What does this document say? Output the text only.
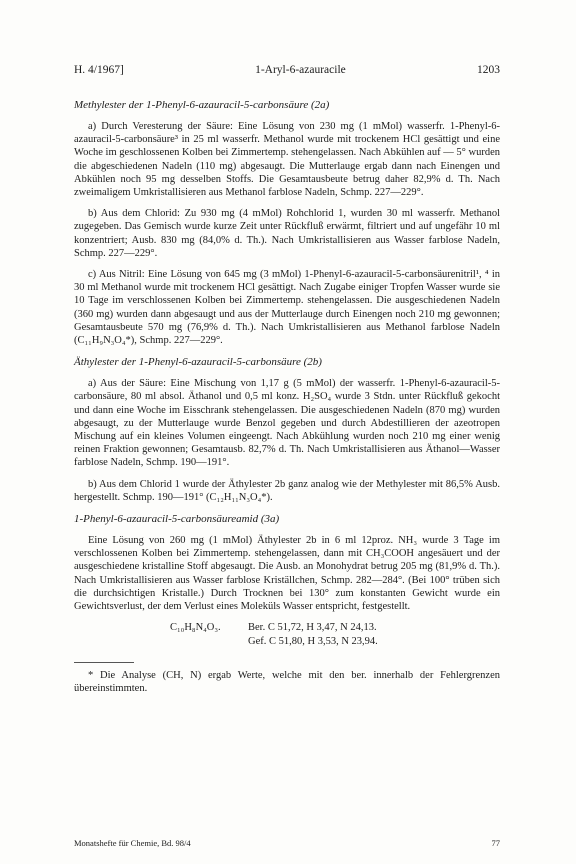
H. 4/1967]	1-Aryl-6-azauracile	1203
Methylester der 1-Phenyl-6-azauracil-5-carbonsäure (2a)

a) Durch Veresterung der Säure: Eine Lösung von 230 mg (1 mMol) wasserfr. 1-Phenyl-6-azauracil-5-carbonsäure³ in 25 ml wasserfr. Methanol wurde mit trockenem HCl gesättigt und eine Woche im geschlossenen Kolben bei Zimmertemp. stehengelassen. Nach Abkühlen auf — 5° wurden die abgeschiedenen Nadeln (110 mg) abgesaugt. Die Mutterlauge ergab dann nach Einengen und Abkühlen noch 95 mg desselben Stoffs. Die Gesamtausbeute betrug daher 82,9% d. Th. Nach zweimaligem Umkristallisieren aus Methanol farblose Nadeln, Schmp. 227—229°.

b) Aus dem Chlorid: Zu 930 mg (4 mMol) Rohchlorid 1, wurden 30 ml wasserfr. Methanol zugegeben. Das Gemisch wurde kurze Zeit unter Rückfluß erwärmt, filtriert und auf ungefähr 10 ml konzentriert; Ausb. 830 mg (84,0% d. Th.). Nach Umkristallisieren aus Wasser farblose Nadeln, Schmp. 227—229°.

c) Aus Nitril: Eine Lösung von 645 mg (3 mMol) 1-Phenyl-6-azauracil-5-carbonsäurenitril¹, ⁴ in 30 ml Methanol wurde mit trockenem HCl gesättigt. Nach Zugabe einiger Tropfen Wasser wurde sie 10 Tage im verschlossenen Kolben bei Zimmertemp. stehengelassen. Die ausgeschiedenen Nadeln (360 mg) wurden dann abgesaugt und aus der Mutterlauge durch Einengen noch 210 mg gewonnen; Gesamtausbeute 570 mg (76,9% d. Th.). Nach Umkristallisieren aus Methanol farblose Nadeln (C₁₁H₉N₃O₄*), Schmp. 227—229°.

Äthylester der 1-Phenyl-6-azauracil-5-carbonsäure (2b)

a) Aus der Säure: Eine Mischung von 1,17 g (5 mMol) der wasserfr. 1-Phenyl-6-azauracil-5-carbonsäure, 80 ml absol. Äthanol und 0,5 ml konz. H₂SO₄ wurde 3 Stdn. unter Rückfluß gekocht und dann eine Woche im Eisschrank stehengelassen. Die ausgeschiedenen Nadeln (870 mg) wurden abgesaugt, zu der Mutterlauge wurde Benzol gegeben und durch Abdestillieren der azeotropen Mischung auf ein kleines Volumen eingeengt. Nach Abkühlung wurden noch 210 mg einer wenig reinen Fraktion gewonnen; Gesamtausb. 82,7% d. Th. Nach Umkristallisieren aus Äthanol—Wasser farblose Nadeln, Schmp. 190—191°.

b) Aus dem Chlorid 1 wurde der Äthylester 2b ganz analog wie der Methylester mit 86,5% Ausb. hergestellt. Schmp. 190—191° (C₁₂H₁₁N₃O₄*).

1-Phenyl-6-azauracil-5-carbonsäureamid (3a)

Eine Lösung von 260 mg (1 mMol) Äthylester 2b in 6 ml 12proz. NH₃ wurde 3 Tage im verschlossenen Kolben bei Zimmertemp. stehengelassen, dann mit CH₃COOH angesäuert und der ausgeschiedene kristalline Stoff abgesaugt. Die Ausb. an Monohydrat betrug 205 mg (81,9% d. Th.). Nach Umkristallisieren aus Wasser farblose Kriställchen, Schmp. 282—284°. (Bei 100° trüben sich die durchsichtigen Kristalle.) Durch Trocknen bei 130° zum konstanten Gewicht wurde ein Gewichtsverlust, der dem Verlust eines Moleküls Wasser entspricht, festgestellt.

C₁₀H₈N₄O₃.	Ber. C 51,72, H 3,47, N 24,13.
Gef. C 51,80, H 3,53, N 23,94.

* Die Analyse (CH, N) ergab Werte, welche mit den ber. innerhalb der Fehlergrenzen übereinstimmten.

Monatshefte für Chemie, Bd. 98/4	77
